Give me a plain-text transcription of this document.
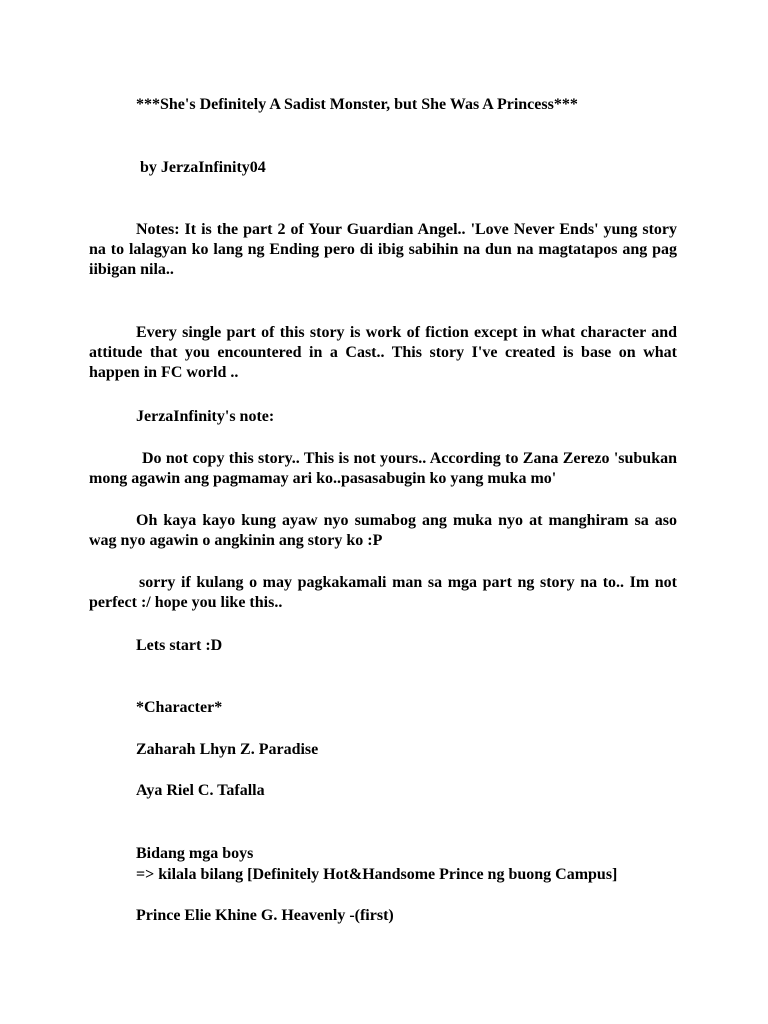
***She's Definitely A Sadist Monster, but She Was A Princess***
by JerzaInfinity04
Notes: It is the part 2 of Your Guardian Angel.. 'Love Never Ends' yung story na to lalagyan ko lang ng Ending pero di ibig sabihin na dun na magtatapos ang pag iibigan nila..
Every single part of this story is work of fiction except in what character and attitude that you encountered in a Cast.. This story I've created is base on what happen in FC world ..
JerzaInfinity's note:
Do not copy this story.. This is not yours.. According to Zana Zerezo 'subukan mong agawin ang pagmamay ari ko..pasasabugin ko yang muka mo'
Oh kaya kayo kung ayaw nyo sumabog ang muka nyo at manghiram sa aso wag nyo agawin o angkinin ang story ko :P
sorry if kulang o may pagkakamali man sa mga part ng story na to.. Im not perfect :/ hope you like this..
Lets start :D
*Character*
Zaharah Lhyn Z. Paradise
Aya Riel C. Tafalla
Bidang mga boys
=> kilala bilang [Definitely Hot&Handsome Prince ng buong Campus]
Prince Elie Khine G. Heavenly -(first)
